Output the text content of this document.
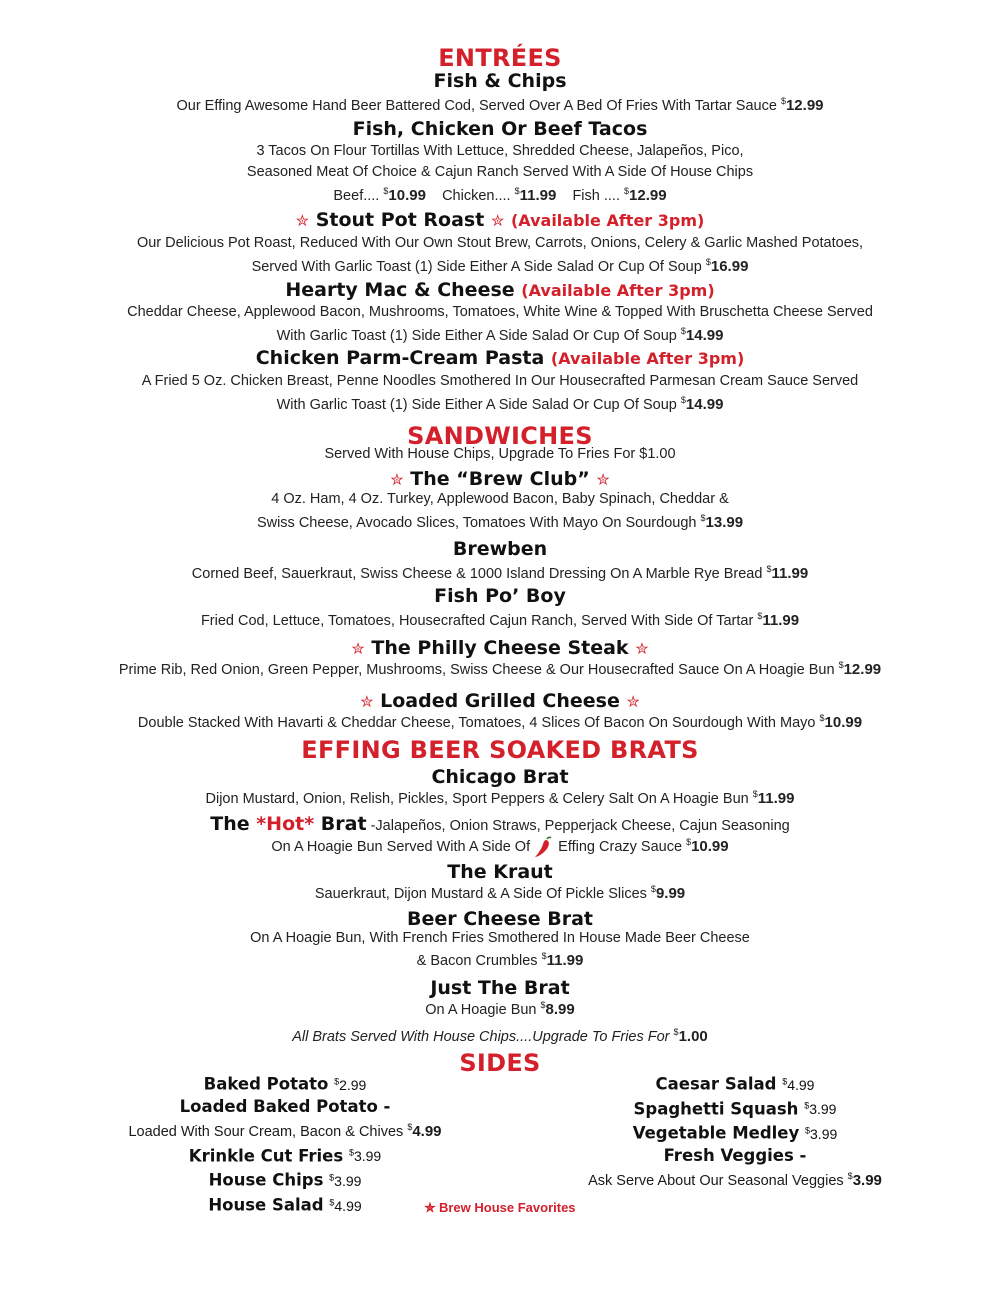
ENTRÉES
Fish & Chips
Our Effing Awesome Hand Beer Battered Cod, Served Over A Bed Of Fries With Tartar Sauce $12.99
Fish, Chicken Or Beef Tacos
3 Tacos On Flour Tortillas With Lettuce, Shredded Cheese, Jalapeños, Pico,
Seasoned Meat Of Choice & Cajun Ranch Served With A Side Of House Chips
Beef.... $10.99 Chicken.... $11.99 Fish .... $12.99
✮ Stout Pot Roast ✮ (Available After 3pm)
Our Delicious Pot Roast, Reduced With Our Own Stout Brew, Carrots, Onions, Celery & Garlic Mashed Potatoes,
Served With Garlic Toast (1) Side Either A Side Salad Or Cup Of Soup $16.99
Hearty Mac & Cheese (Available After 3pm)
Cheddar Cheese, Applewood Bacon, Mushrooms, Tomatoes, White Wine & Topped With Bruschetta Cheese Served
With Garlic Toast (1) Side Either A Side Salad Or Cup Of Soup $14.99
Chicken Parm-Cream Pasta (Available After 3pm)
A Fried 5 Oz. Chicken Breast, Penne Noodles Smothered In Our Housecrafted Parmesan Cream Sauce Served
With Garlic Toast (1) Side Either A Side Salad Or Cup Of Soup $14.99
SANDWICHES
Served With House Chips, Upgrade To Fries For $1.00
✮ The “Brew Club” ✮
4 Oz. Ham, 4 Oz. Turkey, Applewood Bacon, Baby Spinach, Cheddar &
Swiss Cheese, Avocado Slices, Tomatoes With Mayo On Sourdough $13.99
Brewben
Corned Beef, Sauerkraut, Swiss Cheese & 1000 Island Dressing On A Marble Rye Bread $11.99
Fish Po’ Boy
Fried Cod, Lettuce, Tomatoes, Housecrafted Cajun Ranch, Served With Side Of Tartar $11.99
✮ The Philly Cheese Steak ✮
Prime Rib, Red Onion, Green Pepper, Mushrooms, Swiss Cheese & Our Housecrafted Sauce On A Hoagie Bun $12.99
✮ Loaded Grilled Cheese ✮
Double Stacked With Havarti & Cheddar Cheese, Tomatoes, 4 Slices Of Bacon On Sourdough With Mayo $10.99
EFFING BEER SOAKED BRATS
Chicago Brat
Dijon Mustard, Onion, Relish, Pickles, Sport Peppers & Celery Salt On A Hoagie Bun $11.99
The *Hot* Brat -Jalapeños, Onion Straws, Pepperjack Cheese, Cajun Seasoning
On A Hoagie Bun Served With A Side Of Effing Crazy Sauce $10.99
The Kraut
Sauerkraut, Dijon Mustard & A Side Of Pickle Slices $9.99
Beer Cheese Brat
On A Hoagie Bun, With French Fries Smothered In House Made Beer Cheese
& Bacon Crumbles $11.99
Just The Brat
On A Hoagie Bun $8.99
All Brats Served With House Chips....Upgrade To Fries For $1.00
SIDES
Baked Potato $2.99
Loaded Baked Potato -
Loaded With Sour Cream, Bacon & Chives $4.99
Krinkle Cut Fries $3.99
House Chips $3.99
House Salad $4.99
Caesar Salad $4.99
Spaghetti Squash $3.99
Vegetable Medley $3.99
Fresh Veggies -
Ask Serve About Our Seasonal Veggies $3.99
✮ Brew House Favorites
